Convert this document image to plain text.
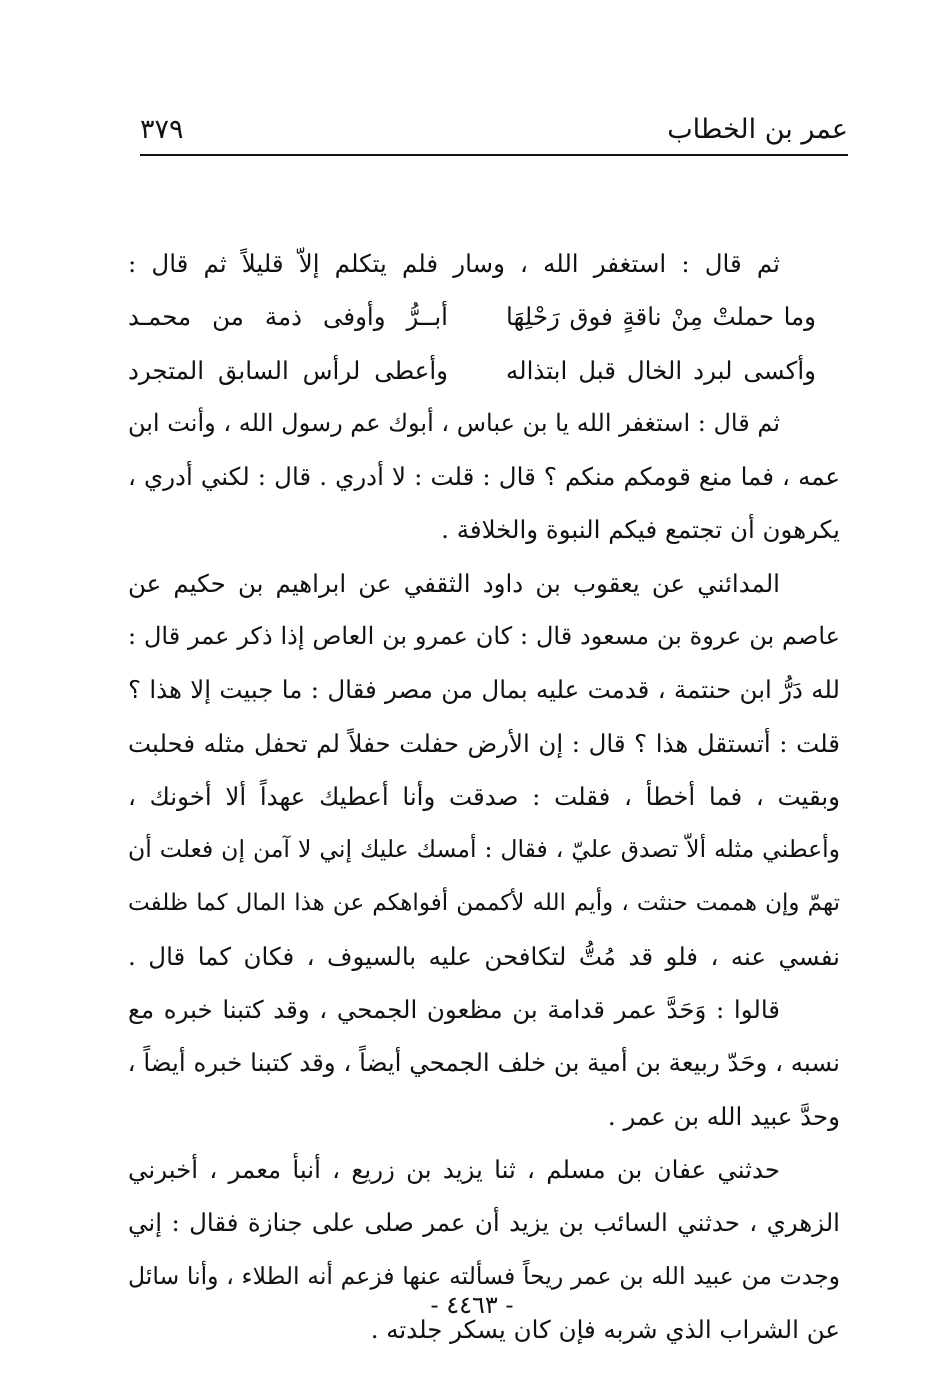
عمر بن الخطاب
٣٧٩
ثم قال : استغفر الله ، وسار فلم يتكلم إلاّ قليلاً ثم قال :
وما حملتْ مِنْ ناقةٍ فوق رَحْلِهَا
أبــرُّ وأوفى ذمة من محمـد
وأكسى لبرد الخال قبل ابتذاله
وأعطى لرأس السابق المتجرد
ثم قال : استغفر الله يا بن عباس ، أبوك عم رسول الله ، وأنت ابن
عمه ، فما منع قومكم منكم ؟ قال : قلت : لا أدري . قال : لكني أدري ،
يكرهون أن تجتمع فيكم النبوة والخلافة .
المدائني عن يعقوب بن داود الثقفي عن ابراهيم بن حكيم عن
عاصم بن عروة بن مسعود قال : كان عمرو بن العاص إذا ذكر عمر قال :
لله دَرُّ ابن حنتمة ، قدمت عليه بمال من مصر فقال : ما جبيت إلا هذا ؟
قلت : أتستقل هذا ؟ قال : إن الأرض حفلت حفلاً لم تحفل مثله فحلبت
وبقيت ، فما أخطأ ، فقلت : صدقت وأنا أعطيك عهداً ألا أخونك ،
وأعطني مثله ألاّ تصدق عليّ ، فقال : أمسك عليك إني لا آمن إن فعلت أن
تهمّ وإن هممت حنثت ، وأيم الله لأكممن أفواهكم عن هذا المال كما ظلفت
نفسي عنه ، فلو قد مُتُّ لتكافحن عليه بالسيوف ، فكان كما قال .
قالوا : وَحَدَّ عمر قدامة بن مظعون الجمحي ، وقد كتبنا خبره مع
نسبه ، وحَدّ ربيعة بن أمية بن خلف الجمحي أيضاً ، وقد كتبنا خبره أيضاً ،
وحدَّ عبيد الله بن عمر .
حدثني عفان بن مسلم ، ثنا يزيد بن زريع ، أنبأ معمر ، أخبرني
الزهري ، حدثني السائب بن يزيد أن عمر صلى على جنازة فقال : إني
وجدت من عبيد الله بن عمر ريحاً فسألته عنها فزعم أنه الطلاء ، وأنا سائل
عن الشراب الذي شربه فإن كان يسكر جلدته .
- ٤٤٦٣ -
